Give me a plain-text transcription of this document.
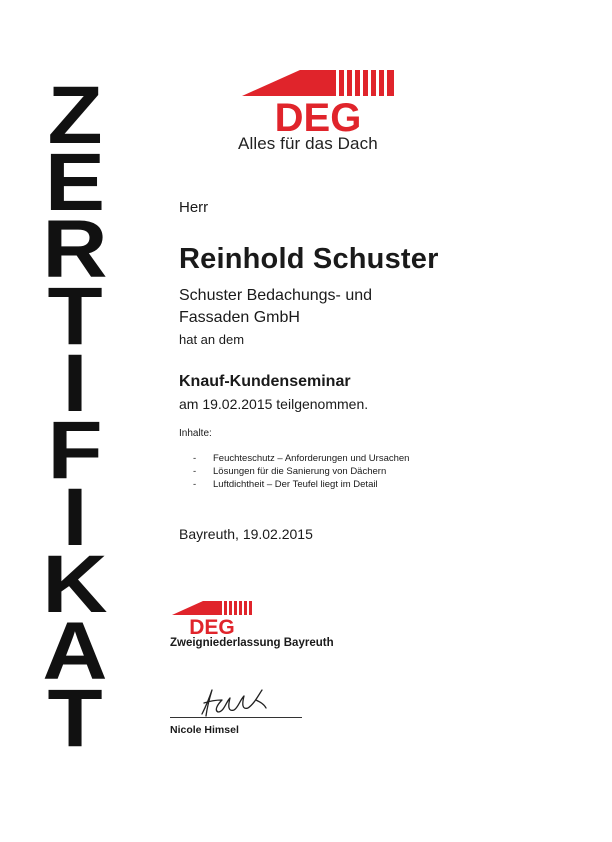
Z
E
R
T
I
F
I
K
A
T
DEG
Alles für das Dach
Herr
Reinhold Schuster
Schuster Bedachungs- und
Fassaden GmbH
hat an dem
Knauf-Kundenseminar
am 19.02.2015 teilgenommen.
Inhalte:
- Feuchteschutz – Anforderungen und Ursachen
- Lösungen für die Sanierung von Dächern
- Luftdichtheit – Der Teufel liegt im Detail
Bayreuth, 19.02.2015
DEG
Zweigniederlassung Bayreuth
Nicole Himsel
